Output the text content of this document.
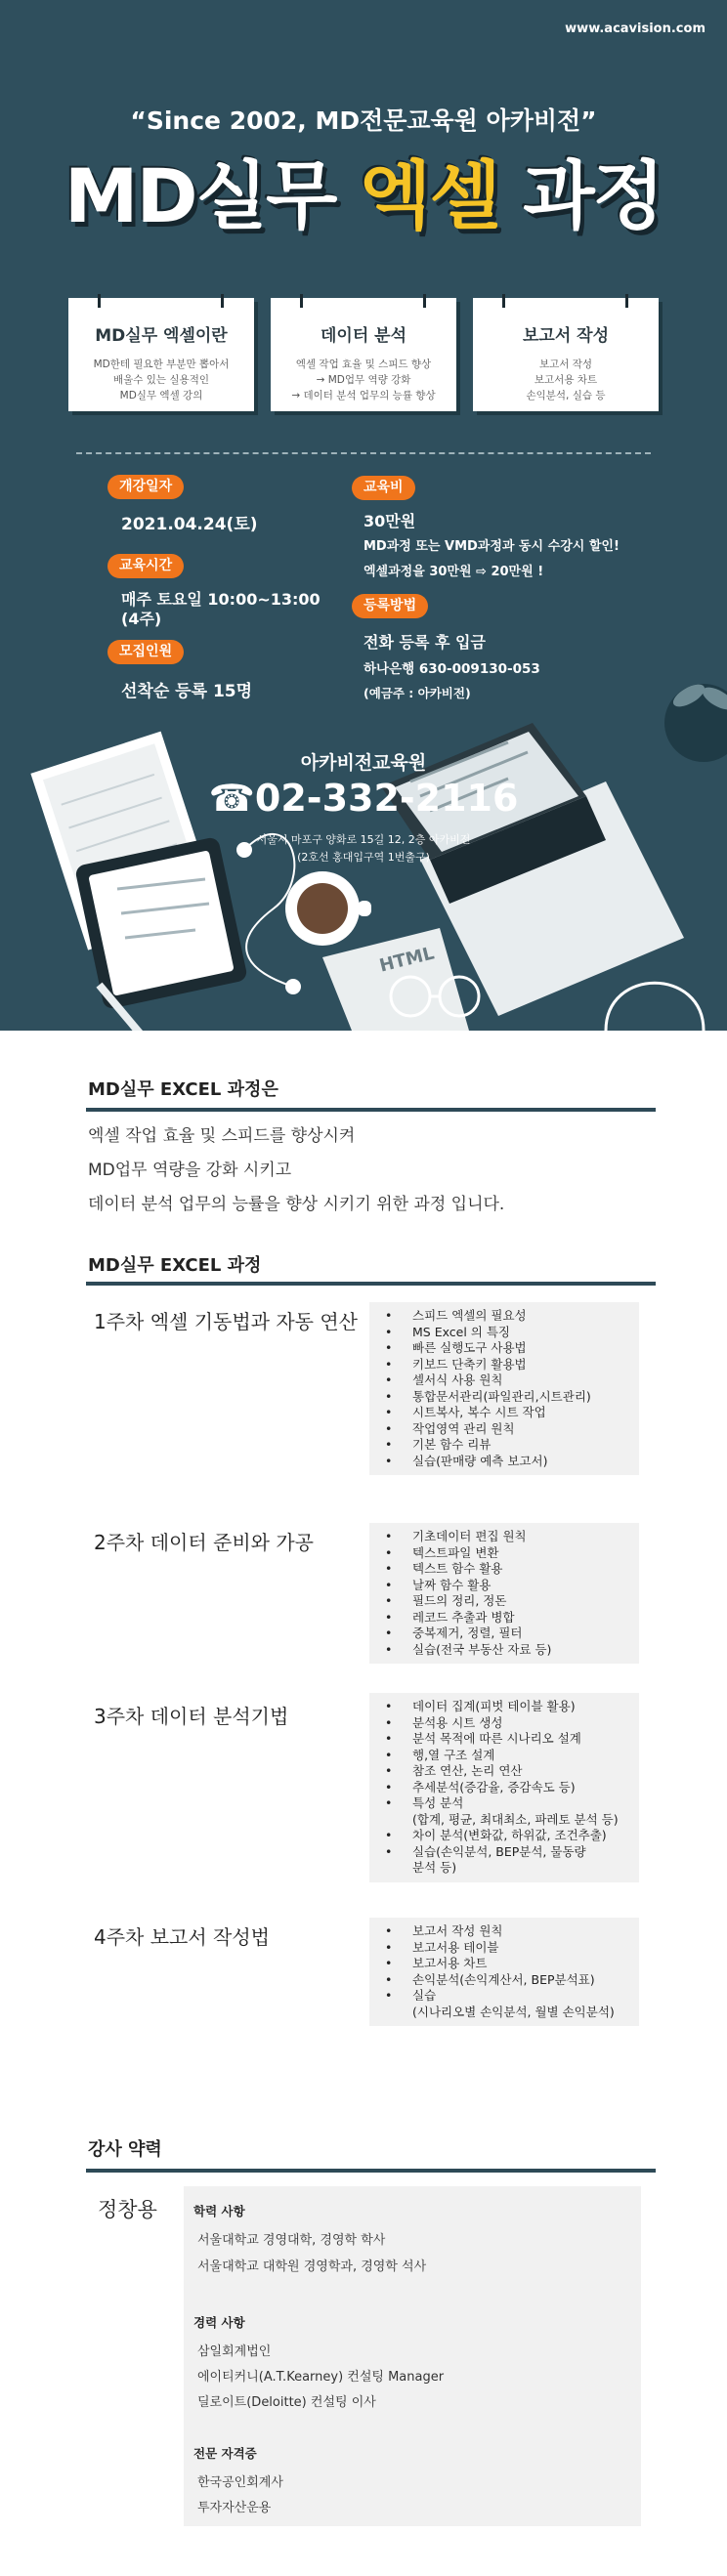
HTML
www.acavision.com
“Since 2002, MD전문교육원 아카비전”
MD실무 엑셀 과정
MD실무 엑셀이란
MD한테 필요한 부분만 뽑아서
배울수 있는 실용적인
MD실무 엑셀 강의
데이터 분석
엑셀 작업 효율 및 스피드 향상
→ MD업무 역량 강화
→ 데이터 분석 업무의 능률 향상
보고서 작성
보고서 작성
보고서용 차트
손익분석, 실습 등
개강일자
2021.04.24(토)
교육시간
매주 토요일 10:00~13:00
(4주)
모집인원
선착순 등록 15명
교육비
30만원
MD과정 또는 VMD과정과 동시 수강시 할인!
엑셀과정을 30만원 ⇨ 20만원 !
등록방법
전화 등록 후 입금
하나은행 630-009130-053
(예금주 : 아카비전)
아카비전교육원
☎02-332-2116
서울시 마포구 양화로 15길 12, 2층 아카비전
(2호선 홍대입구역 1번출구)
MD실무 EXCEL 과정은
엑셀 작업 효율 및 스피드를 향상시켜
MD업무 역량을 강화 시키고
데이터 분석 업무의 능률을 향상 시키기 위한 과정 입니다.
MD실무 EXCEL 과정
1주차 엑셀 기동법과 자동 연산 • 스피드 엑셀의 필요성
• MS Excel 의 특징
• 빠른 실행도구 사용법
• 키보드 단축키 활용법
• 셀서식 사용 원칙
• 통합문서관리(파일관리,시트관리)
• 시트복사, 복수 시트 작업
• 작업영역 관리 원칙
• 기본 함수 리뷰
• 실습(판매량 예측 보고서)
2주차 데이터 준비와 가공	• 기초데이터 편집 원칙
• 텍스트파일 변환
• 텍스트 함수 활용
• 날짜 함수 활용
• 필드의 정리, 정돈
• 레코드 추출과 병합
• 중복제거, 정렬, 필터
• 실습(전국 부동산 자료 등)
3주차 데이터 분석기법	• 데이터 집계(피벗 테이블 활용)
• 분석용 시트 생성
• 분석 목적에 따른 시나리오 설계
• 행,열 구조 설계
• 참조 연산, 논리 연산
• 추세분석(증감율, 증감속도 등)
• 특성 분석
(합계, 평균, 최대최소, 파레토 분석 등)
• 차이 분석(변화값, 하위값, 조건추출)
• 실습(손익분석, BEP분석, 물동량
분석 등)
4주차 보고서 작성법	• 보고서 작성 원칙
• 보고서용 테이블
• 보고서용 차트
• 손익분석(손익계산서, BEP분석표)
• 실습
(시나리오별 손익분석, 월별 손익분석)
강사 약력
정창용	학력 사항
서울대학교 경영대학, 경영학 학사
서울대학교 대학원 경영학과, 경영학 석사
경력 사항
삼일회계법인
에이티커니(A.T.Kearney) 컨설팅 Manager
딜로이트(Deloitte) 컨설팅 이사
전문 자격증
한국공인회계사
투자자산운용
